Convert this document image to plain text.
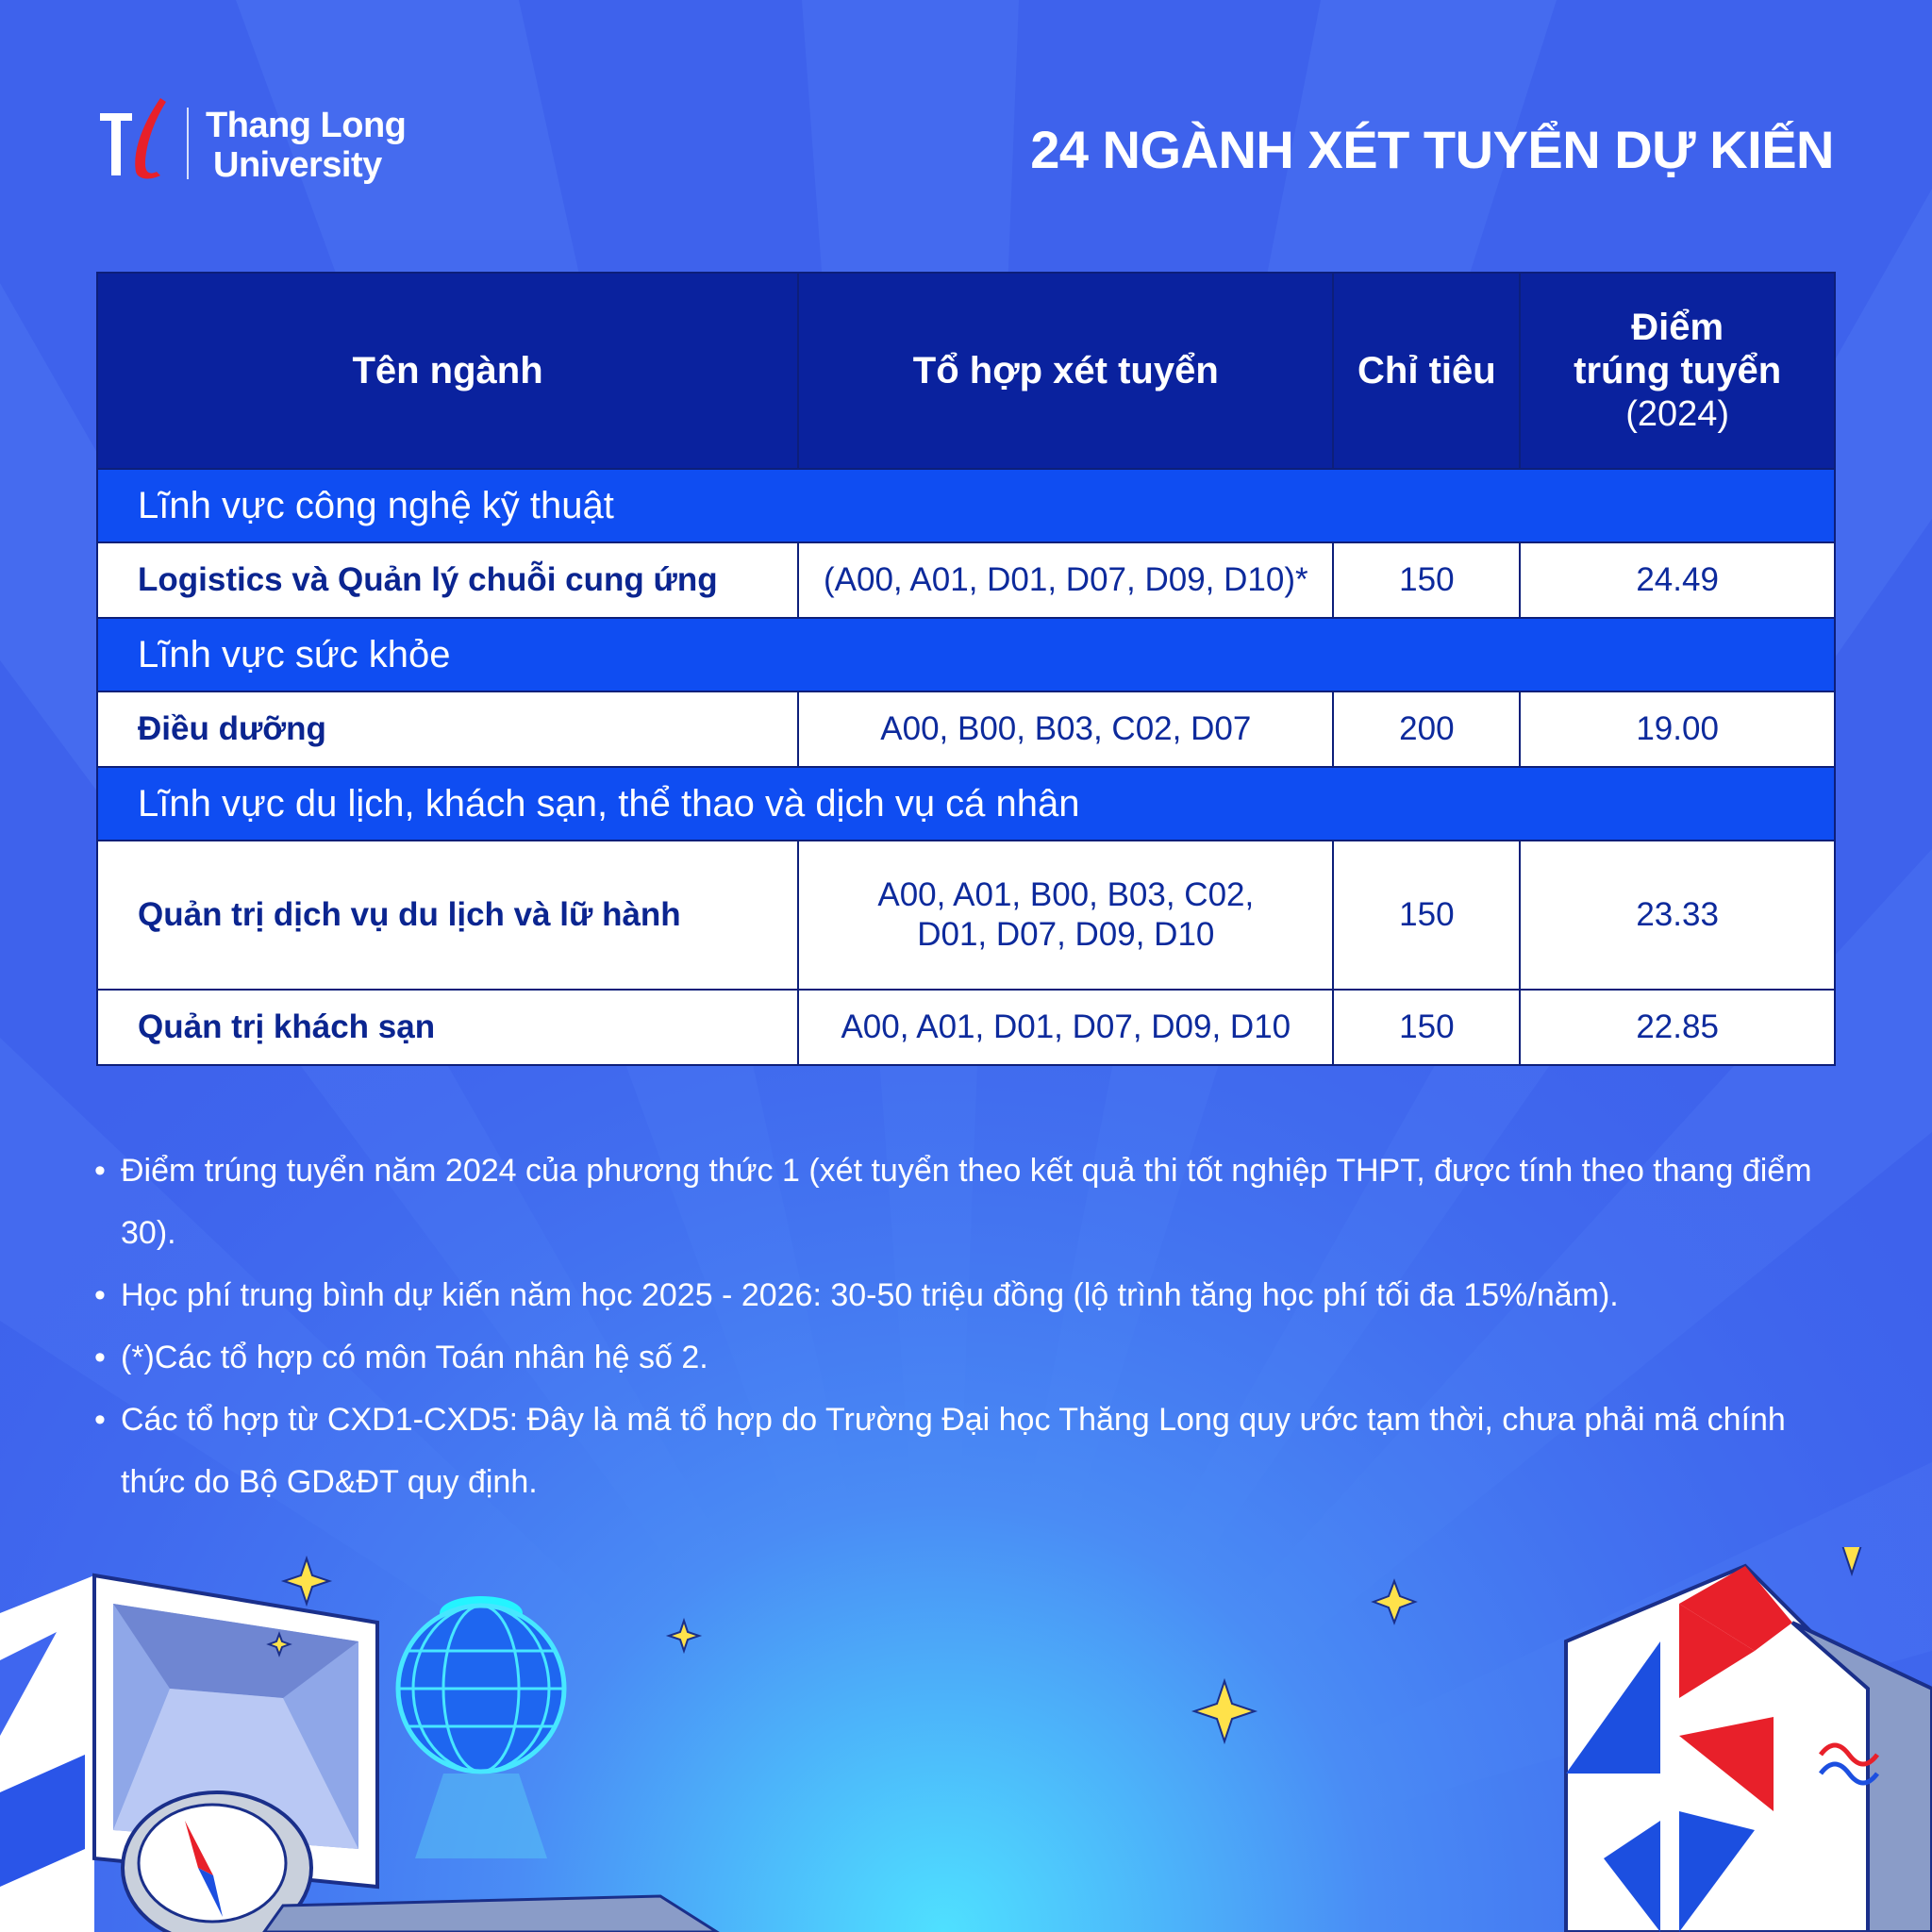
Thang Long
University	24 NGÀNH XÉT TUYỂN DỰ KIẾN
Tên ngành	Tổ hợp xét tuyển	Chỉ tiêu	Điểm
trúng tuyển
(2024)

Lĩnh vực công nghệ kỹ thuật			
Logistics và Quản lý chuỗi cung ứng	(A00, A01, D01, D07, D09, D10)*	150	24.49
Lĩnh vực sức khỏe			
Điều dưỡng	A00, B00, B03, C02, D07	200	19.00
Lĩnh vực du lịch, khách sạn, thể thao và dịch vụ cá nhân			
Quản trị dịch vụ du lịch và lữ hành	A00, A01, B00, B03, C02,
D01, D07, D09, D10	150	23.33
Quản trị khách sạn	A00, A01, D01, D07, D09, D10	150	22.85
• Điểm trúng tuyển năm 2024 của phương thức 1 (xét tuyển theo kết quả thi tốt nghiệp THPT, được tính theo thang điểm 30).
• Học phí trung bình dự kiến năm học 2025 - 2026: 30-50 triệu đồng (lộ trình tăng học phí tối đa 15%/năm).
• (*)Các tổ hợp có môn Toán nhân hệ số 2.
• Các tổ hợp từ CXD1-CXD5: Đây là mã tổ hợp do Trường Đại học Thăng Long quy ước tạm thời, chưa phải mã chính thức do Bộ GD&ĐT quy định.
